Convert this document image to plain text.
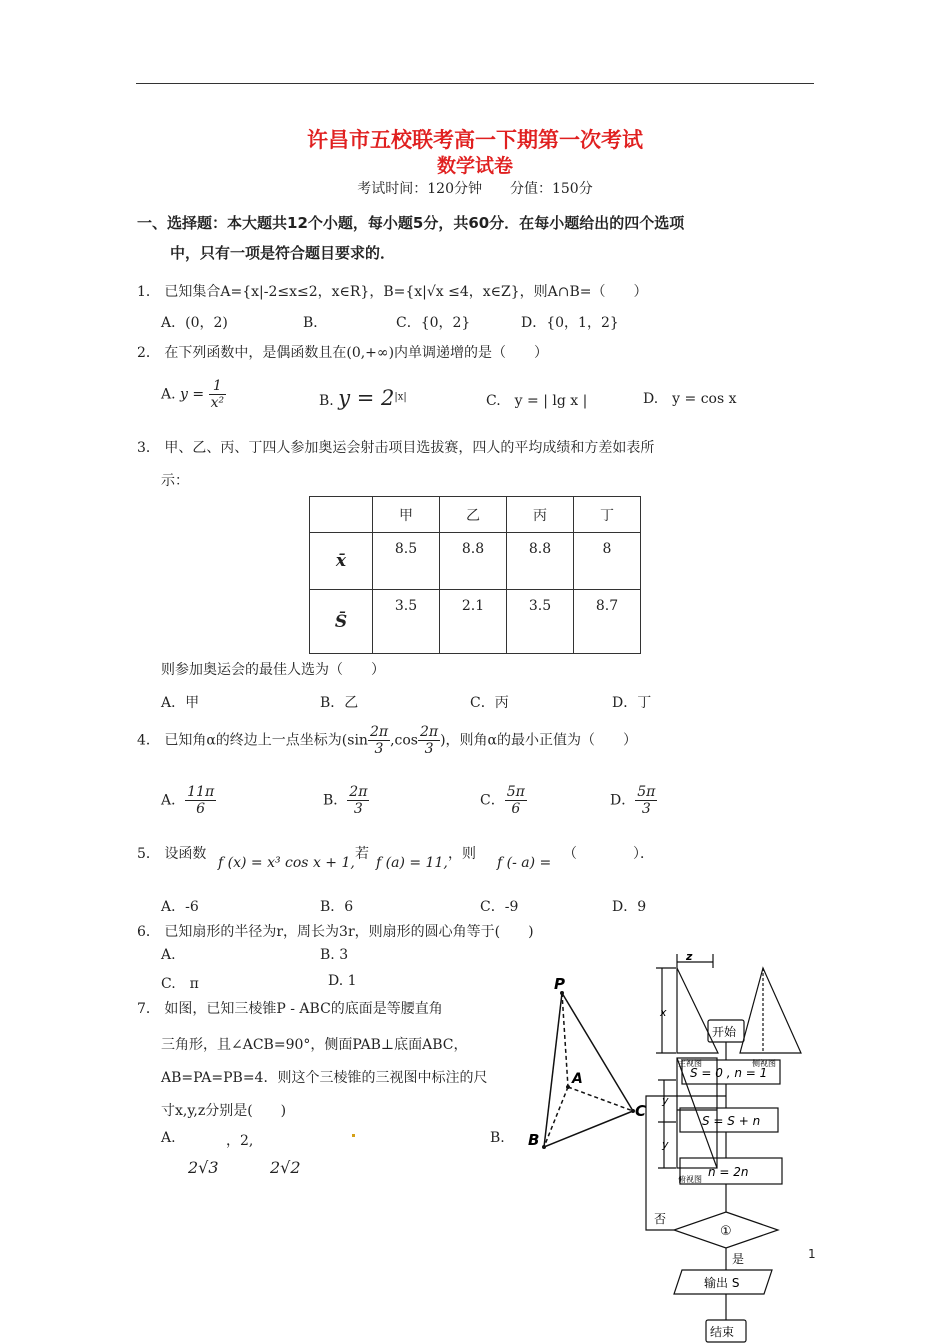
许昌市五校联考高一下期第一次考试
数学试卷
考试时间：120分钟　　分值：150分
一、选择题：本大题共12个小题，每小题5分，共60分．在每小题给出的四个选项
中，只有一项是符合题目要求的．
1． 已知集合A={x|-2≤x≤2，x∈R}，B={x|√x ≤4，x∈Z}，则A∩B=（　　）
A．(0，2)	B．	C．{0，2}	D．{0，1，2}
2． 在下列函数中，是偶函数且在(0,+∞)内单调递增的是（　　）
A. $y = \frac{1}{\text{x²}}$	B. $y = 2^{|x|}$	C.　y = | lg x |	D.　y = cos x
3． 甲、乙、丙、丁四人参加奥运会射击项目选拔赛，四人的平均成绩和方差如表所
示：
	甲	乙	丙	丁
x̄	8.5	8.8	8.8	8
S̄	3.5	2.1	3.5	8.7
则参加奥运会的最佳人选为（　　）
A．甲	B．乙	C．丙	D．丁
4． 已知角α的终边上一点坐标为($\sin \frac{2\pi}{3} ,\cos \frac{2\pi}{3}$ )，则角α的最小正值为（　　）
A． $\frac{11\pi}{6}$	B． $\frac{2\pi}{3}$	C． $\frac{5\pi}{6}$	D． $\frac{5\pi}{3}$
5． 设函数
f (x) = x³ cos x + 1,
若
f (a) = 11,
，则
f (- a) =
（　　　　）．
A．-6	B．6	C．-9	D．9
6． 已知扇形的半径为r，周长为3r，则扇形的圆心角等于(　　)
A.	B. 3
C.　π	D. 1
7． 如图，已知三棱锥P - ABC的底面是等腰直角
三角形，且∠ACB=90°，侧面PAB⊥底面ABC，
AB=PA=PB=4．则这个三棱锥的三视图中标注的尺
寸x,y,z分别是(　　)
A.	，2,	B.
2√3	2√2
P
A
B
C
z
x
y
y
主视图	侧视图
俯视图
开始
S = 0 , n = 1
S = S + n
n = 2n
①
否
是
输出 S
结束
1
